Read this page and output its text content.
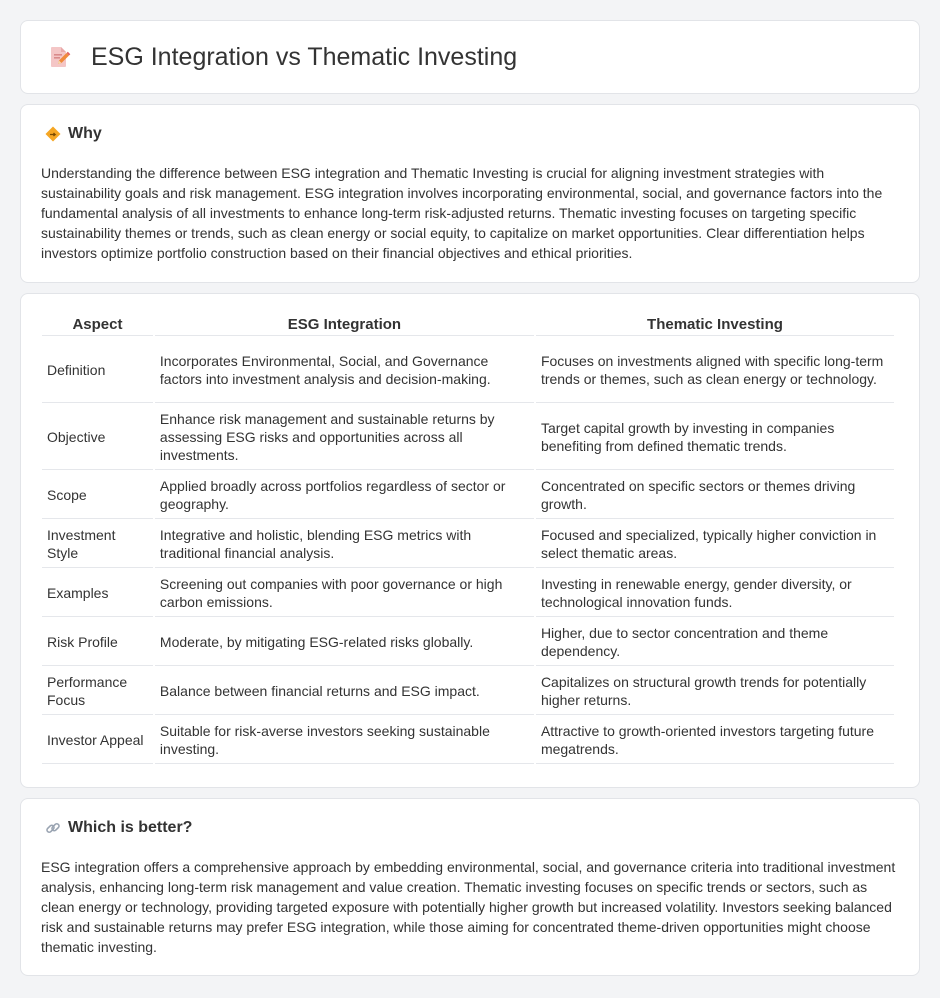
ESG Integration vs Thematic Investing
Why

Understanding the difference between ESG integration and Thematic Investing is crucial for aligning investment strategies with sustainability goals and risk management. ESG integration involves incorporating environmental, social, and governance factors into the fundamental analysis of all investments to enhance long-term risk-adjusted returns. Thematic investing focuses on targeting specific sustainability themes or trends, such as clean energy or social equity, to capitalize on market opportunities. Clear differentiation helps investors optimize portfolio construction based on their financial objectives and ethical priorities.

Aspect	ESG Integration	Thematic Investing
Definition	Incorporates Environmental, Social, and Governance factors into investment analysis and decision-making.	Focuses on investments aligned with specific long-term trends or themes, such as clean energy or technology.
Objective	Enhance risk management and sustainable returns by assessing ESG risks and opportunities across all investments.	Target capital growth by investing in companies benefiting from defined thematic trends.
Scope	Applied broadly across portfolios regardless of sector or geography.	Concentrated on specific sectors or themes driving growth.
Investment Style	Integrative and holistic, blending ESG metrics with traditional financial analysis.	Focused and specialized, typically higher conviction in select thematic areas.
Examples	Screening out companies with poor governance or high carbon emissions.	Investing in renewable energy, gender diversity, or technological innovation funds.
Risk Profile	Moderate, by mitigating ESG-related risks globally.	Higher, due to sector concentration and theme dependency.
Performance Focus	Balance between financial returns and ESG impact.	Capitalizes on structural growth trends for potentially higher returns.
Investor Appeal	Suitable for risk-averse investors seeking sustainable investing.	Attractive to growth-oriented investors targeting future megatrends.
Which is better?

ESG integration offers a comprehensive approach by embedding environmental, social, and governance criteria into traditional investment analysis, enhancing long-term risk management and value creation. Thematic investing focuses on specific trends or sectors, such as clean energy or technology, providing targeted exposure with potentially higher growth but increased volatility. Investors seeking balanced risk and sustainable returns may prefer ESG integration, while those aiming for concentrated theme-driven opportunities might choose thematic investing.
